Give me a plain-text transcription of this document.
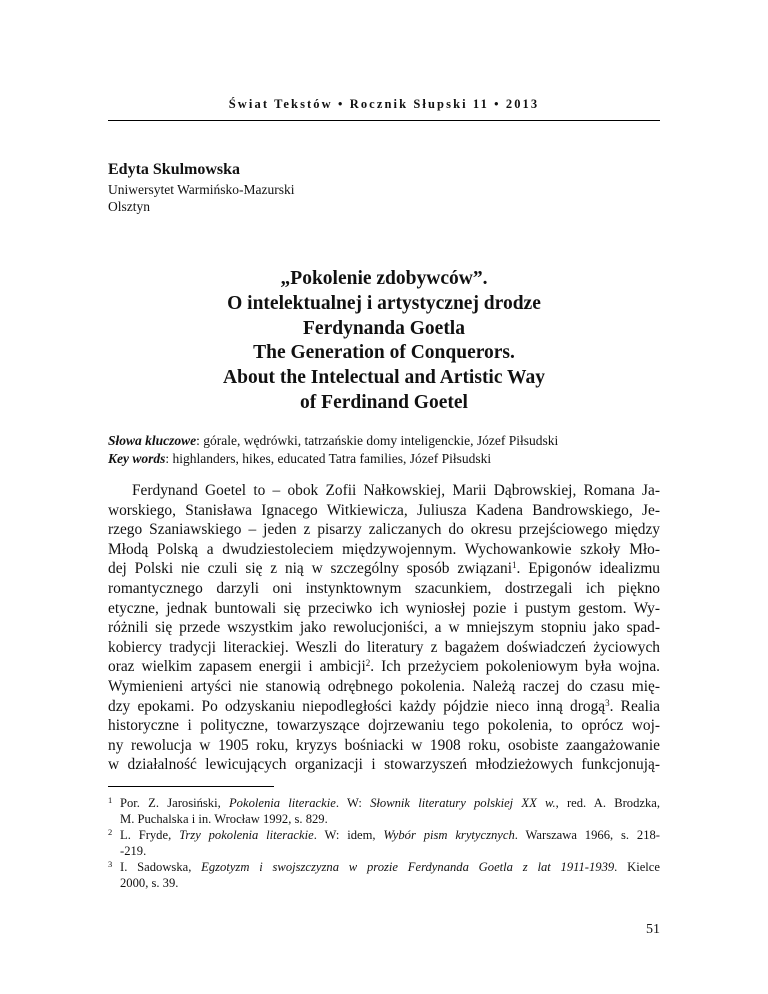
Świat Tekstów • Rocznik Słupski 11 • 2013
Edyta Skulmowska
Uniwersytet Warmińsko-Mazurski
Olsztyn
„Pokolenie zdobywców”.
O intelektualnej i artystycznej drodze
Ferdynanda Goetla
The Generation of Conquerors.
About the Intelectual and Artistic Way
of Ferdinand Goetel
Słowa kluczowe: górale, wędrówki, tatrzańskie domy inteligenckie, Józef Piłsudski
Key words: highlanders, hikes, educated Tatra families, Józef Piłsudski
Ferdynand Goetel to – obok Zofii Nałkowskiej, Marii Dąbrowskiej, Romana Ja-
worskiego, Stanisława Ignacego Witkiewicza, Juliusza Kadena Bandrowskiego, Je-
rzego Szaniawskiego – jeden z pisarzy zaliczanych do okresu przejściowego między
Młodą Polską a dwudziestoleciem międzywojennym. Wychowankowie szkoły Mło-
dej Polski nie czuli się z nią w szczególny sposób związani$^1$. Epigonów idealizmu
romantycznego darzyli oni instynktownym szacunkiem, dostrzegali ich piękno
etyczne, jednak buntowali się przeciwko ich wyniosłej pozie i pustym gestom. Wy-
różnili się przede wszystkim jako rewolucjoniści, a w mniejszym stopniu jako spad-
kobiercy tradycji literackiej. Weszli do literatury z bagażem doświadczeń życiowych
oraz wielkim zapasem energii i ambicji$^2$. Ich przeżyciem pokoleniowym była wojna.
Wymienieni artyści nie stanowią odrębnego pokolenia. Należą raczej do czasu mię-
dzy epokami. Po odzyskaniu niepodległości każdy pójdzie nieco inną drogą$^3$. Realia
historyczne i polityczne, towarzyszące dojrzewaniu tego pokolenia, to oprócz woj-
ny rewolucja w 1905 roku, kryzys bośniacki w 1908 roku, osobiste zaangażowanie
w działalność lewicujących organizacji i stowarzyszeń młodzieżowych funkcjonują-
1 Por. Z. Jarosiński, Pokolenia literackie. W: Słownik literatury polskiej XX w., red. A. Brodzka,
M. Puchalska i in. Wrocław 1992, s. 829.
2 L. Fryde, Trzy pokolenia literackie. W: idem, Wybór pism krytycznych. Warszawa 1966, s. 218-
-219.
3 I. Sadowska, Egzotyzm i swojszczyzna w prozie Ferdynanda Goetla z lat 1911-1939. Kielce
2000, s. 39.
51
